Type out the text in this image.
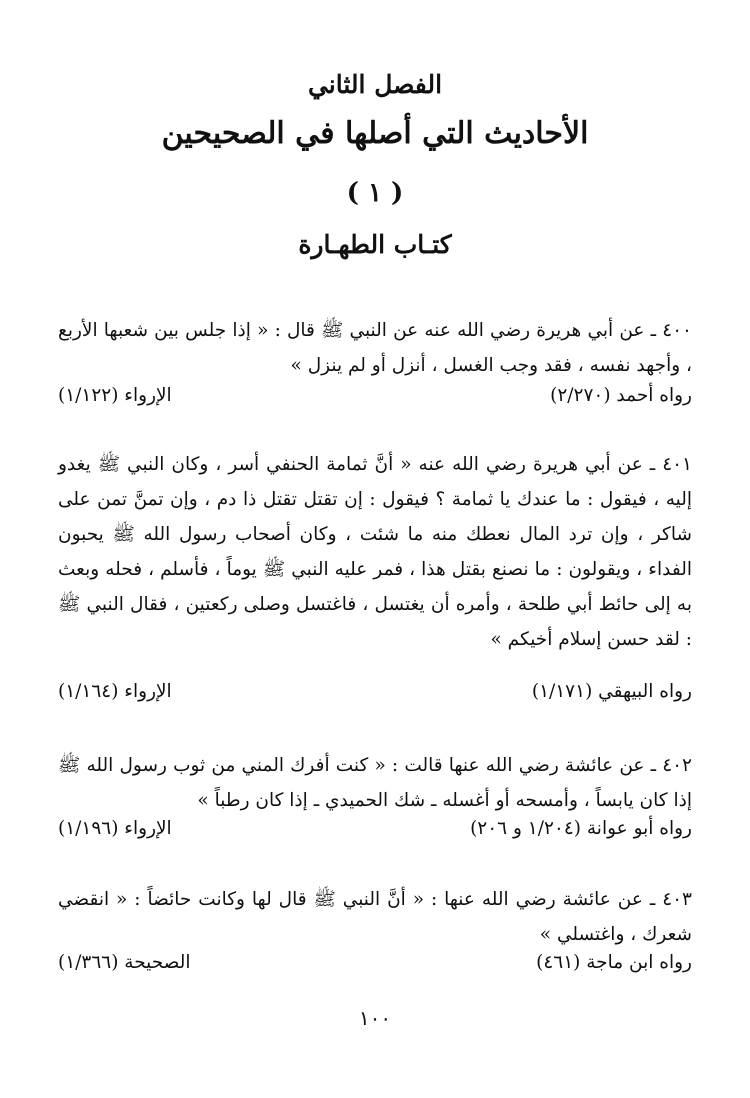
الفصل الثاني
الأحاديث التي أصلها في الصحيحين
( ١ )
كتـاب الطهـارة

٤٠٠ ـ عن أبي هريرة رضي الله عنه عن النبي ﷺ قال : « إذا جلس بين شعبها الأربع ، وأجهد نفسه ، فقد وجب الغسل ، أنزل أو لم ينزل »

رواه أحمد (٢/٢٧٠)
الإرواء (١/١٢٢)

٤٠١ ـ عن أبي هريرة رضي الله عنه « أنَّ ثمامة الحنفي أسر ، وكان النبي ﷺ يغدو إليه ، فيقول : ما عندك يا ثمامة ؟ فيقول : إن تقتل تقتل ذا دم ، وإن تمنَّ تمن على شاكر ، وإن ترد المال نعطك منه ما شئت ، وكان أصحاب رسول الله ﷺ يحبون الفداء ، ويقولون : ما نصنع بقتل هذا ، فمر عليه النبي ﷺ يوماً ، فأسلم ، فحله وبعث به إلى حائط أبي طلحة ، وأمره أن يغتسل ، فاغتسل وصلى ركعتين ، فقال النبي ﷺ : لقد حسن إسلام أخيكم »

رواه البيهقي (١/١٧١)
الإرواء (١/١٦٤)

٤٠٢ ـ عن عائشة رضي الله عنها قالت : « كنت أفرك المني من ثوب رسول الله ﷺ إذا كان يابساً ، وأمسحه أو أغسله ـ شك الحميدي ـ إذا كان رطباً »

رواه أبو عوانة (١/٢٠٤ و ٢٠٦)
الإرواء (١/١٩٦)

٤٠٣ ـ عن عائشة رضي الله عنها : « أنَّ النبي ﷺ قال لها وكانت حائضاً : « انقضي شعرك ، واغتسلي »

رواه ابن ماجة (٤٦١)
الصحيحة (١/٣٦٦)
١٠٠
